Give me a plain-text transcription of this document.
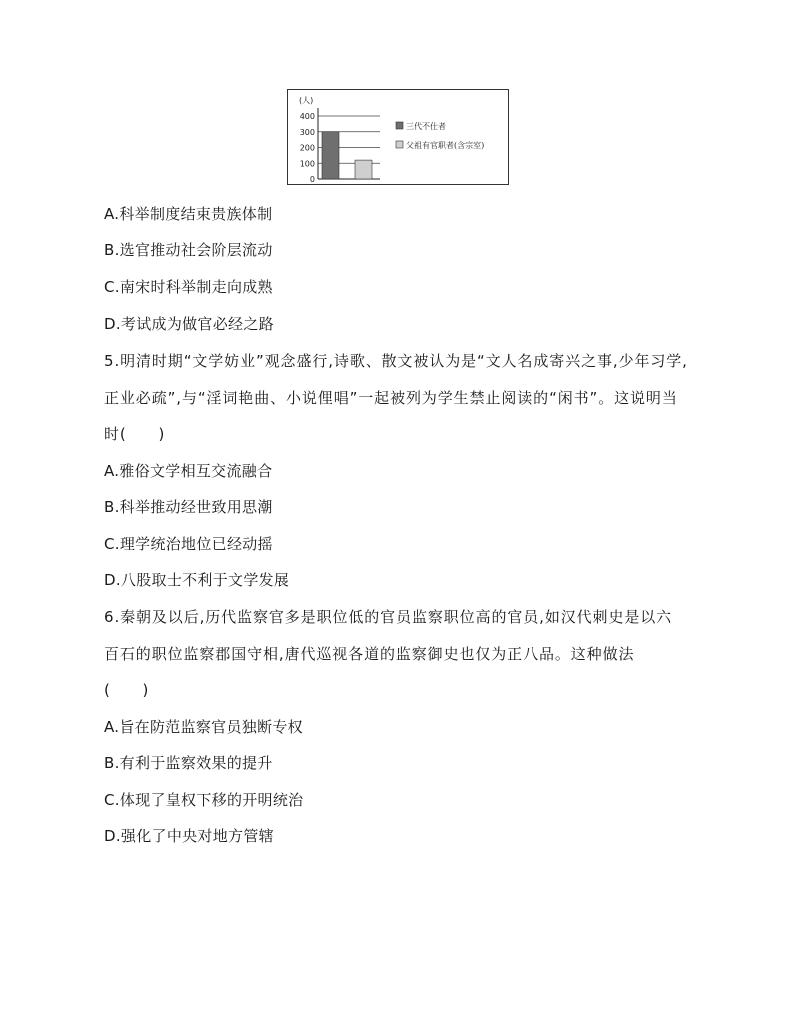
(人)
0
100
200
300
400
三代不仕者
父祖有官职者(含宗室)
A.科举制度结束贵族体制
B.选官推动社会阶层流动
C.南宋时科举制走向成熟
D.考试成为做官必经之路
5.明清时期“文学妨业”观念盛行,诗歌、散文被认为是“文人名成寄兴之事,少年习学,
正业必疏”,与“淫词艳曲、小说俚唱”一起被列为学生禁止阅读的“闲书”。这说明当
时(　　)
A.雅俗文学相互交流融合
B.科举推动经世致用思潮
C.理学统治地位已经动摇
D.八股取士不利于文学发展
6.秦朝及以后,历代监察官多是职位低的官员监察职位高的官员,如汉代刺史是以六
百石的职位监察郡国守相,唐代巡视各道的监察御史也仅为正八品。这种做法
(　　)
A.旨在防范监察官员独断专权
B.有利于监察效果的提升
C.体现了皇权下移的开明统治
D.强化了中央对地方管辖
